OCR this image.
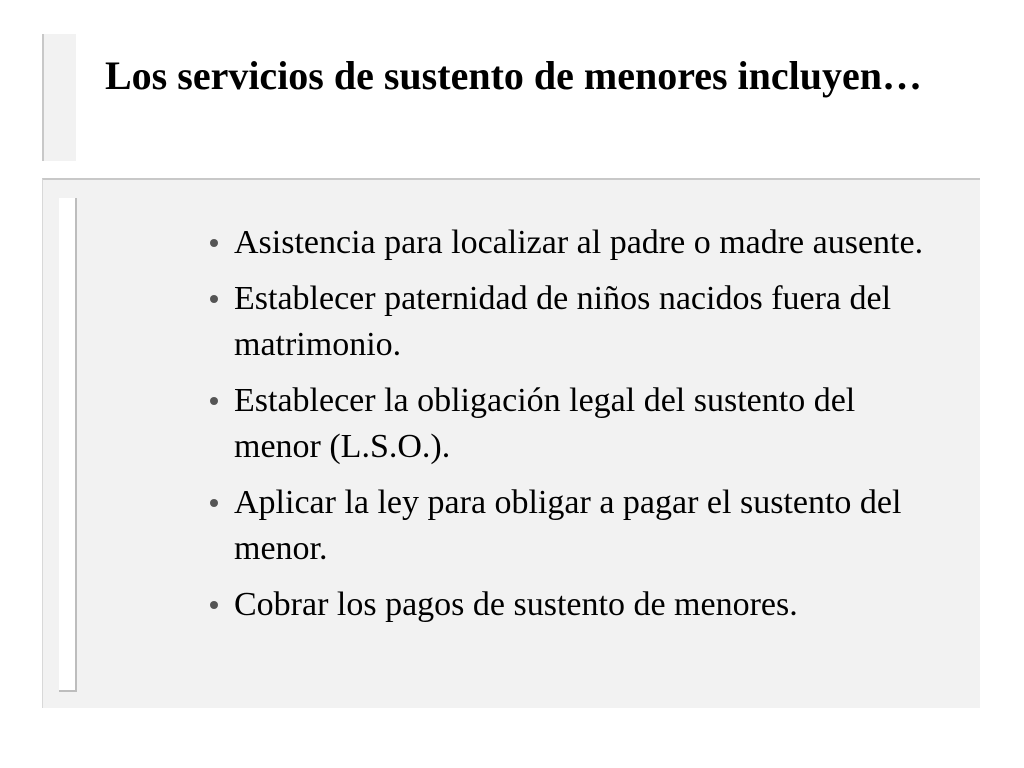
Los servicios de sustento de menores incluyen…
Asistencia para localizar al padre o madre ausente.
Establecer paternidad de niños nacidos fuera del matrimonio.
Establecer la obligación legal del sustento del menor (L.S.O.).
Aplicar la ley para obligar a pagar el sustento del menor.
Cobrar los pagos de sustento de menores.
